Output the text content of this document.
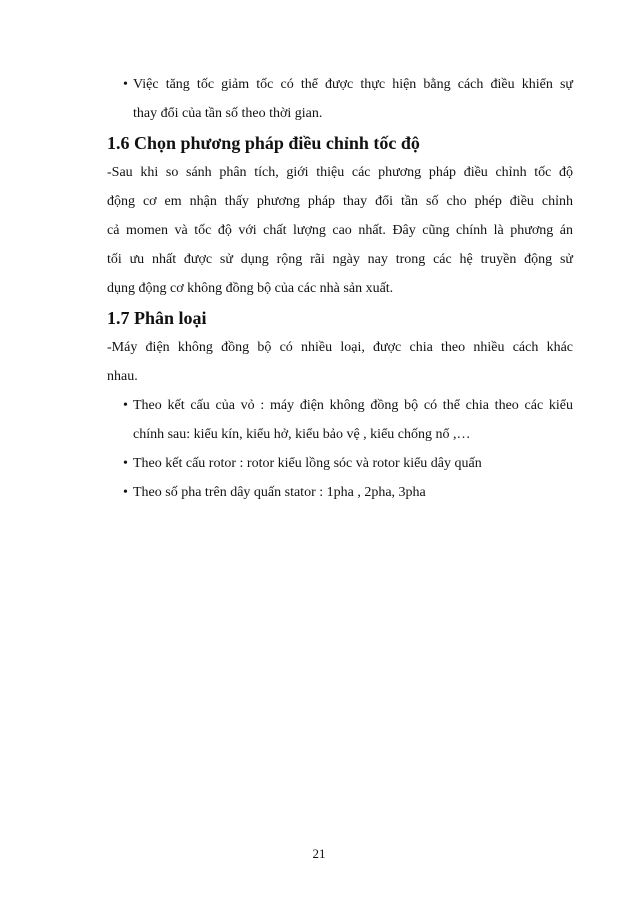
• Việc tăng tốc giảm tốc có thể được thực hiện bằng cách điều khiển sự
thay đổi của tần số theo thời gian.
1.6 Chọn phương pháp điều chỉnh tốc độ

-Sau khi so sánh phân tích, giới thiệu các phương pháp điều chỉnh tốc độ

động cơ em nhận thấy phương pháp thay đổi tần số cho phép điều chỉnh

cả momen và tốc độ với chất lượng cao nhất. Đây cũng chính là phương án

tối ưu nhất được sử dụng rộng rãi ngày nay trong các hệ truyền động sử

dụng động cơ không đồng bộ của các nhà sản xuất.

1.7 Phân loại

-Máy điện không đồng bộ có nhiều loại, được chia theo nhiều cách khác

nhau.

• Theo kết cấu của vỏ : máy điện không đồng bộ có thể chia theo các kiểu
chính sau: kiểu kín, kiểu hở, kiểu bảo vệ , kiểu chống nổ ,…
• Theo kết cấu rotor : rotor kiểu lồng sóc và rotor kiểu dây quấn
• Theo số pha trên dây quấn stator : 1pha , 2pha, 3pha
21
